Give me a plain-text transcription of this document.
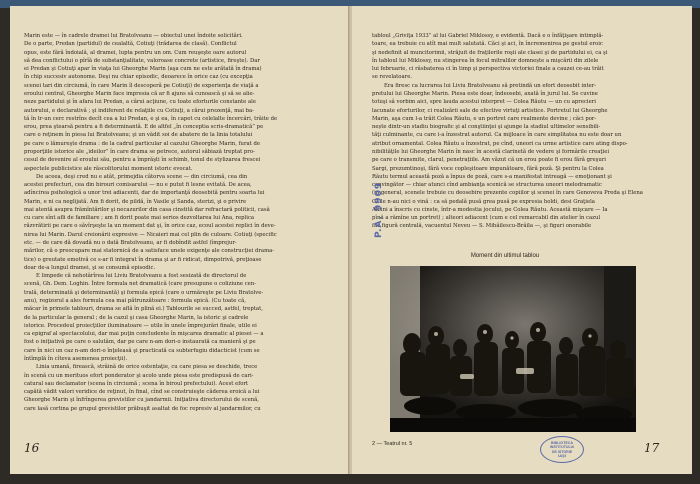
Marin este — în cadrele dramei lui Bratolveanu — obiectul unei îndoite solicitări.
De o parte, Predan (partidul) de cealaltă, Cotiuţi (trădarea de clasă). Conflictul
opus, este fără îndoială, al dramei, lupta pentru un om. Cum reuşeşte oare autorul
să dea conflictului o pîrîă de substanţialitate, valoroase concrete (artistice, fireşte). Dar
ei Predan şi Cotiuţi apar în viaţa lui Gheorghe Marin (aşa cum ne este arătată în drama)
în chip succesiv autonome. Deşi nu chiar episodic, deoarece în orice caz (cu excepţia
scenei tari din circiumă, în care Marin îl descoperă pe Cotiuţi) de experienţa de viaţă a
eroului central, Gheorghe Marin face impresia că ar fi ajuns să cunoască şi să se alie-
neze partidului şi în afara lui Predan, a cărui acţiune, cu toate eforturile constante ale
autorului, e declarativă ; şi indiferent de relaţiile cu Cotiuţi, a cărui prezenţă, mai ba-
tă în tr-un cerc restrîns decît cea a lui Predan, e şi ea, în capet cu celelalte încercări, trăite de
erou, prea ştearsă pentru a fi determinantă. E de altfel „în conceptia scris-dramatică” pe
care o reţinem în piesa lui Bratolveanu; şi un vădit soi de abatere de la linia totalului
pe care o lămureşte drama : de la cadrul particular al cazului Gheorghe Marin, furat de
proporţiile istorice ale „ideilor” în care drama se petrece, autorul săbiază treptat pro-
cesul de devenire al eroului său, pentru a împrăşti în schimb, tonul de stylizarea frescei
aspectele publicistice ale răscolitorului moment istoric evocat.
De aceea, deşi cred nu e atât, primejdia câtorva scene — din circiumă, cea din
acestei prefecturi, cea din birouri comisarului — nu e putut fi lesne evitată. De acea,
adîncirea psihologică a unor trei adiacenti, dar de importanţă deosebită pentru soarta lui
Marin, e ni ca neglijată. Am fi dorit, de pildă, în Vasile şi Sanda, sterizi, şi o privire
mai atentă asupra frămîntărilor şi necazurilor din casa cinstită dar refractară politicii, casă
cu care sînt afli de familiare ; am fi dorit poate mai serios dezvoltarea lui Ana, replica
răzvrătirii pe care o săvîrşeşte la un moment dat şi, în orice caz, ecoul acestei replici în deve-
nirea lui Marin. Darul creionării expresive — Nicaieri mai cel plin de culoare. Cotiuţi (specific
etc. — de care dă dovadă nu o dată Bratolveanu, ar fi dobîndit astfel (împrejur-
mărilor, că o preocupare mai statornică de a satisface unele exigenţe ale construcţiei drama-
tice) o greutate emotivă ce s-ar fi integrat în drama şi ar fi ridicat, dimpotrivă, preţioase
doar de-a lungul dramei, şi se consumă episodic.
E limpede că nehotărîrea lui Liviu Bratolveanu a fost sesizată de directorul de
scenă, Gh. Dem. Loghin. Între formula net dramatică (care presupune o coliziune cen-
trală, determinată şi determinantă) şi formula epică (care o urmăreşte pe Liviu Bratolve-
anu), regizorul a ales formula cea mai pătrunzătoare : formula epică. (Cu toate că,
măcar în primele tablouri, drama se află în plină ei.) Tablourile se succed, astfel, treptat,
de la particular la general ; de la cazul şi casa Gheorghe Marin, la istoric şi cadrele
istorice. Procedeul proiecţiilor iluminatoare — utile în unele împrejurări finale, utile ei
ca epigraf al spectacolului, dar mai puţin concludente în mişcarea dramatic al piesei — a
fost o iniţiativă pe care o salutăm, dar pe care n-am dori-o instaurată ca manieră şi pe
care în nici un caz n-am dori-o înţeleasă şi practicată ca subterfugiu didacticist (cum se
întîmplă în cîteva asemenea proiecţii).
Linia umană, firească, străină de orice ostentaţie, cu care piesa se deschide, trece
în scenă cu un merituos efort ponderator şi acolo unde piesa este predispusă de cari-
catural sau declamator (scena în circiumă ; scena în biroul prefectului). Acest efort
capătă vădit valori veridice de reţinut, în final, cînd se construieşte căderea eroică a lui
Gheorghe Marin şi înfrîngerea grevistilor cu jandarmii. Iniţiativa directorului de scenă,
care lasă cortina pe grupul grevistilor prăbuşit asaltat de foc represiv al jandarmilor, cu
16
tabloul „Griviţa 1933” al lui Gabriel Miklossy, e evidentă. Dacă e o înfăţişare intimplă-
toare, ea trebuie cu atît mai mult salutată. Căci şi aci, în încremenirea pe gestul eroic
şi nedefinit al muncitorimii, străjuit de fraţilerile roşii ale clasei şi de partidului ei, ca şi
în tabloul lui Miklossy, nu stingerea în focul mitralilor domnește a mişcării din zilele
lui februarie, ci răsbaterea ci în timp şi perspectiva victoriei finale a cauzei ce-au trăit
se revelatoare.
Era firesc ca lucrarea lui Liviu Bratolveanu să pretindă un efort deosebit inter-
pretului lui Gheorghe Marin. Piesa este doar, îndeosebi, axată în jurul lui. Se cuvine
totuşi să vorbim aici, spre lauda acestui interpret — Colea Răutu — un cu aprecieri
lacunate eforturilor, ci realizării sale de efective virtuţi artistice. Portretul lui Gheorghe
Marin, aşa cum l-a trăit Colea Răutu, e un portret care realmente devine ; căci por-
nește dintr-un stadiu biografic şi al conştiinţei şi ajunge la stadiul ultimelor sensibili-
tăţi culminante, cu care i-a înzestrat autorul. Ca mijloace în care simplitatea nu este doar un
atribut ornamental. Colea Răutu a înzestrat, pe cînd, uneori ca urme artistice care ating dispo-
nibilităţile lui Gheorghe Marin în nasc în acestă clarinetă de vedere şi formările creaţiei
pe care o transmite, clarul, penetrațiile. Am văzut că un erou poate fi erou fără greşuri
Sargi, prezumtinoşi, fără voce copleşitoare impunătoare, fără poză. Şi pentru la Colea
Răutu termul această poză a înpus de poză, care s-a manifestat intreagă — emoţionant şi
convingător — chiar atunci cînd ambianţa scenică se structurea uneori melodramatic
(in general, scenele trebuie cu deosebire prezente copiilor şi scenei în care Genoveva Preda şi Elena
Căile n-au nici o vină : ca să pedală pusă grea pusă pe expresia holdi, desi Graţiela
Albini a înscris cu cinste, într-a modestia jocului, pe Colea Răutu. Această mişcare — Ia
pînă a rămîne un portret) ; alteori adiacent (cum e cel remarcabil din atelier în cazul
fac figură centrală, vacuentul Neveu — S. Mihăilescu-Brăila —, şi figuri onorabile
17
P.A. 9909
Moment din ultimul tablou
2 — Teatrul nr. 5	BIBLIOTECA
INSTITUTULUI
DE ISTORIE
IAŞI
